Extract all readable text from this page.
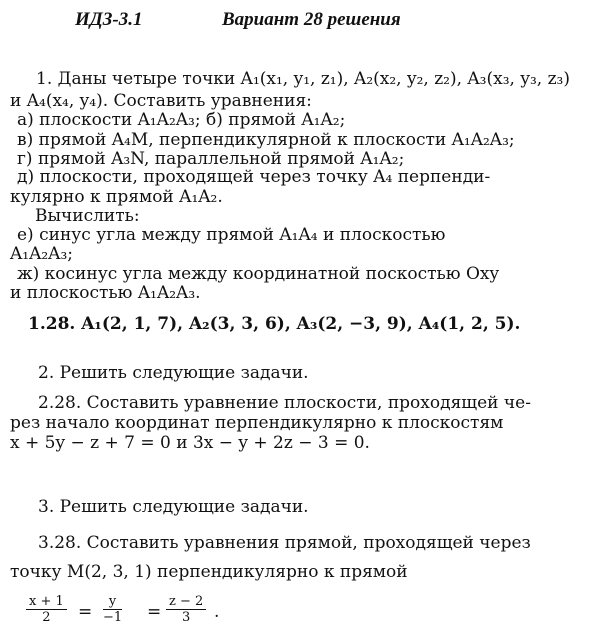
ИДЗ-3.1	Вариант 28 решения
1. Даны четыре точки A₁(x₁, y₁, z₁), A₂(x₂, y₂, z₂), A₃(x₃, y₃, z₃)
и A₄(x₄, y₄). Составить уравнения:
а) плоскости A₁A₂A₃; б) прямой A₁A₂;
в) прямой A₄M, перпендикулярной к плоскости A₁A₂A₃;
г) прямой A₃N, параллельной прямой A₁A₂;
д) плоскости, проходящей через точку A₄ перпенди-
кулярно к прямой A₁A₂.
Вычислить:
е) синус угла между прямой A₁A₄ и плоскостью
A₁A₂A₃;
ж) косинус угла между координатной поскостью Oxy
и плоскостью A₁A₂A₃.
1.28. A₁(2, 1, 7), A₂(3, 3, 6), A₃(2, −3, 9), A₄(1, 2, 5).
2. Решить следующие задачи.
2.28. Составить уравнение плоскости, проходящей че-
рез начало координат перпендикулярно к плоскостям
x + 5y − z + 7 = 0 и 3x − y + 2z − 3 = 0.
3. Решить следующие задачи.
3.28. Составить уравнения прямой, проходящей через
точку M(2, 3, 1) перпендикулярно к прямой
$\frac{x + 1}{2} = \frac{y}{-1} = \frac{z - 2}{3}$ .
